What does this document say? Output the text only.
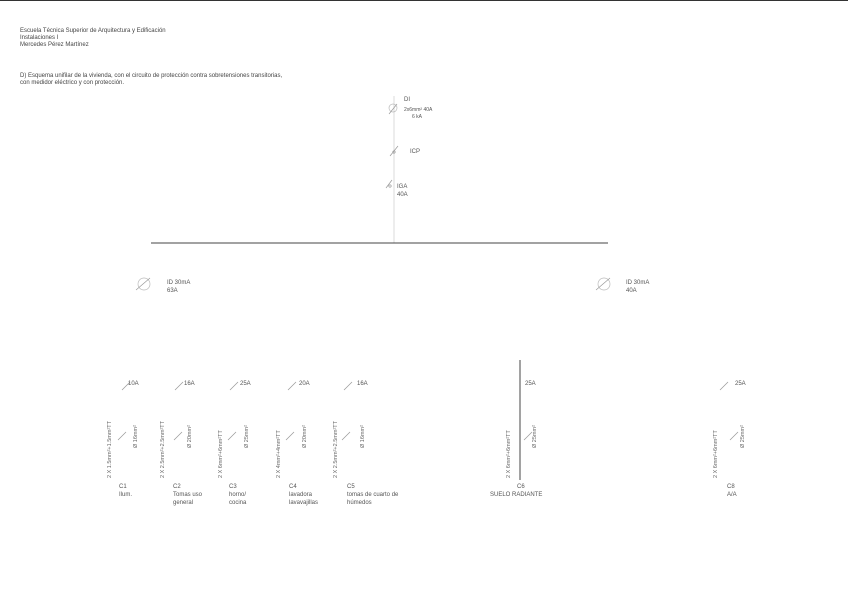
Escuela Técnica Superior de Arquitectura y Edificación
Instalaciones I
Mercedes Pérez Martínez
D) Esquema unifilar de la vivienda, con el circuito de protección contra sobretensiones transitorias,
con medidor eléctrico y con protección.
DI
2x6mm² 40A
6 kA
ICP
IGA
40A
ID 30mA
63A
ID 30mA
40A
10A
2 X 1.5mm²+1.5mm²TT	Ø 16mm²
C1
Ilum.
16A
2 X 2.5mm²+2.5mm²TT	Ø 20mm²
C2
Tomas uso
general
25A
2 X 6mm²+6mm²TT	Ø 25mm²
C3
horno/
cocina
20A
2 X 4mm²+4mm²TT	Ø 20mm²
C4
lavadora
lavavajillas
16A
2 X 2.5mm²+2.5mm²TT	Ø 16mm²
C5
tomas de cuarto de
húmedos
25A
2 X 6mm²+6mm²TT	Ø 25mm²
C6
SUELO RADIANTE
25A
2 X 6mm²+6mm²TT	Ø 25mm²
C8
A/A
